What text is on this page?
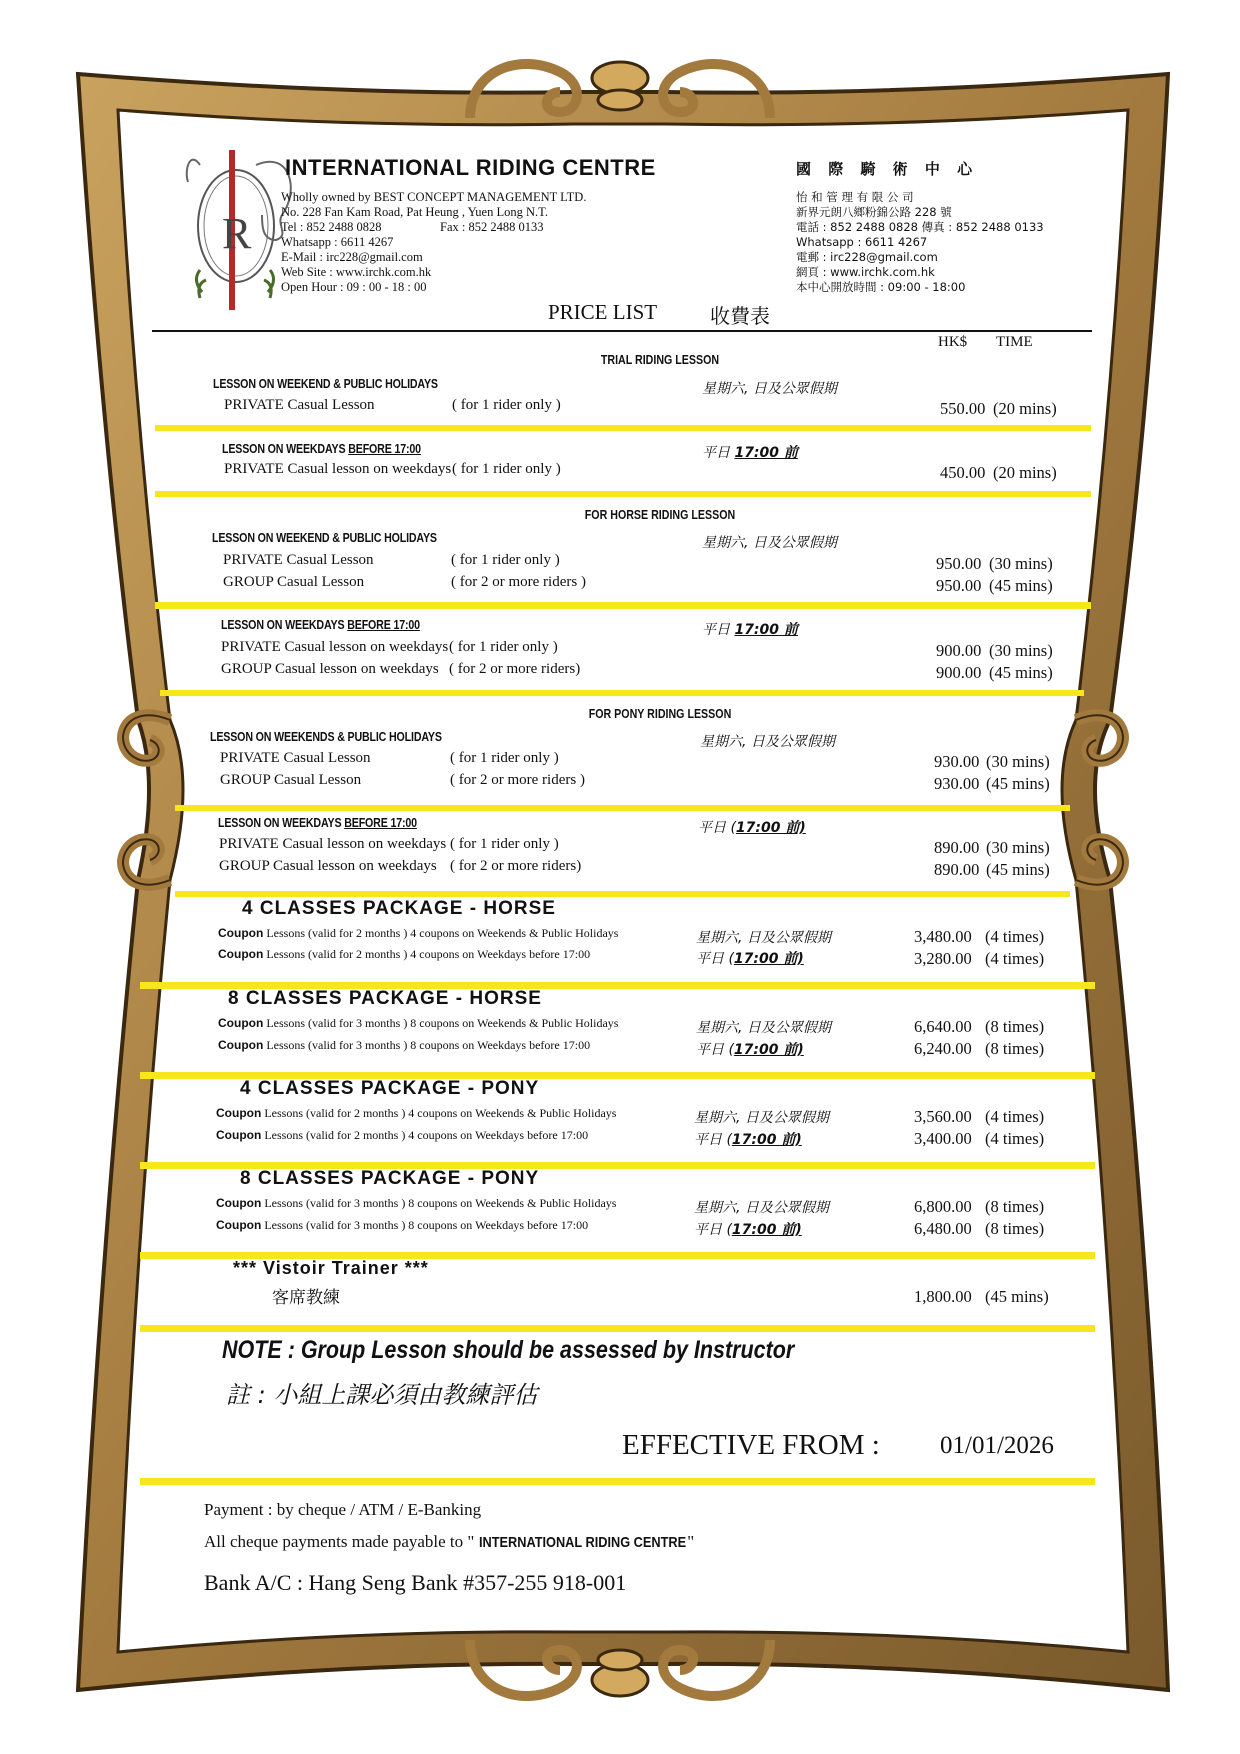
R
INTERNATIONAL RIDING CENTRE
Wholly owned by BEST CONCEPT MANAGEMENT LTD.
No. 228 Fan Kam Road, Pat Heung , Yuen Long N.T.
Tel : 852 2488 0828	Fax : 852 2488 0133
Whatsapp : 6611 4267
E-Mail : irc228@gmail.com
Web Site : www.irchk.com.hk
Open Hour : 09 : 00 - 18 : 00
國 際 騎 術 中 心
怡 和 管 理 有 限 公 司
新界元朗八鄉粉錦公路 228 號
電話 : 852 2488 0828 傳真 : 852 2488 0133
Whatsapp : 6611 4267
電郵 : irc228@gmail.com
網頁 : www.irchk.com.hk
本中心開放時間 : 09:00 - 18:00
PRICE LIST	收費表
HK$ TIME
TRIAL RIDING LESSON
LESSON ON WEEKEND & PUBLIC HOLIDAYS	星期六, 日及公眾假期
PRIVATE Casual Lesson	( for 1 rider only )	550.00 (20 mins)
LESSON ON WEEKDAYS BEFORE 17:00	平日 17:00 前
PRIVATE Casual lesson on weekdays ( for 1 rider only )	450.00 (20 mins)
FOR HORSE RIDING LESSON
LESSON ON WEEKEND & PUBLIC HOLIDAYS	星期六, 日及公眾假期
PRIVATE Casual Lesson	( for 1 rider only )	950.00 (30 mins)
GROUP Casual Lesson	( for 2 or more riders )	950.00 (45 mins)
LESSON ON WEEKDAYS BEFORE 17:00	平日 17:00 前
PRIVATE Casual lesson on weekdays ( for 1 rider only )	900.00 (30 mins)
GROUP Casual lesson on weekdays ( for 2 or more riders)	900.00 (45 mins)
FOR PONY RIDING LESSON
LESSON ON WEEKENDS & PUBLIC HOLIDAYS	星期六, 日及公眾假期
PRIVATE Casual Lesson	( for 1 rider only )	930.00 (30 mins)
GROUP Casual Lesson	( for 2 or more riders )	930.00 (45 mins)
LESSON ON WEEKDAYS BEFORE 17:00	平日 (17:00 前)
PRIVATE Casual lesson on weekdays ( for 1 rider only )	890.00 (30 mins)
GROUP Casual lesson on weekdays ( for 2 or more riders)	890.00 (45 mins)
4 CLASSES PACKAGE - HORSE
Coupon Lessons (valid for 2 months ) 4 coupons on Weekends & Public Holidays	星期六, 日及公眾假期	3,480.00 (4 times)
Coupon Lessons (valid for 2 months ) 4 coupons on Weekdays before 17:00	平日 (17:00 前)	3,280.00 (4 times)
8 CLASSES PACKAGE - HORSE
Coupon Lessons (valid for 3 months ) 8 coupons on Weekends & Public Holidays	星期六, 日及公眾假期	6,640.00 (8 times)
Coupon Lessons (valid for 3 months ) 8 coupons on Weekdays before 17:00	平日 (17:00 前)	6,240.00 (8 times)
4 CLASSES PACKAGE - PONY
Coupon Lessons (valid for 2 months ) 4 coupons on Weekends & Public Holidays	星期六, 日及公眾假期	3,560.00 (4 times)
Coupon Lessons (valid for 2 months ) 4 coupons on Weekdays before 17:00	平日 (17:00 前)	3,400.00 (4 times)
8 CLASSES PACKAGE - PONY
Coupon Lessons (valid for 3 months ) 8 coupons on Weekends & Public Holidays	星期六, 日及公眾假期	6,800.00 (8 times)
Coupon Lessons (valid for 3 months ) 8 coupons on Weekdays before 17:00	平日 (17:00 前)	6,480.00 (8 times)
*** Vistoir Trainer ***
客席教練	1,800.00 (45 mins)
NOTE : Group Lesson should be assessed by Instructor
註 : 小組上課必須由教練評估
EFFECTIVE FROM : 01/01/2026
Payment : by cheque / ATM / E-Banking
All cheque payments made payable to " INTERNATIONAL RIDING CENTRE"
Bank A/C : Hang Seng Bank #357-255 918-001
